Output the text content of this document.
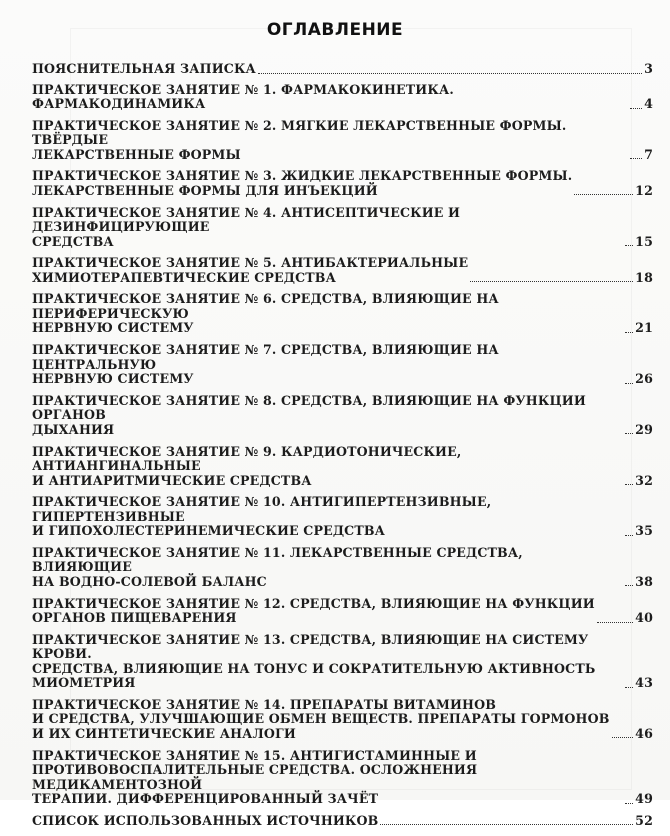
ОГЛАВЛЕНИЕ
ПОЯСНИТЕЛЬНАЯ ЗАПИСКА	3
ПРАКТИЧЕСКОЕ ЗАНЯТИЕ № 1. ФАРМАКОКИНЕТИКА. ФАРМАКОДИНАМИКА	4
ПРАКТИЧЕСКОЕ ЗАНЯТИЕ № 2. МЯГКИЕ ЛЕКАРСТВЕННЫЕ ФОРМЫ. ТВЁРДЫЕ
ЛЕКАРСТВЕННЫЕ ФОРМЫ	7
ПРАКТИЧЕСКОЕ ЗАНЯТИЕ № 3. ЖИДКИЕ ЛЕКАРСТВЕННЫЕ ФОРМЫ.
ЛЕКАРСТВЕННЫЕ ФОРМЫ ДЛЯ ИНЪЕКЦИЙ	12
ПРАКТИЧЕСКОЕ ЗАНЯТИЕ № 4. АНТИСЕПТИЧЕСКИЕ И ДЕЗИНФИЦИРУЮЩИЕ
СРЕДСТВА	15
ПРАКТИЧЕСКОЕ ЗАНЯТИЕ № 5. АНТИБАКТЕРИАЛЬНЫЕ
ХИМИОТЕРАПЕВТИЧЕСКИЕ СРЕДСТВА	18
ПРАКТИЧЕСКОЕ ЗАНЯТИЕ № 6. СРЕДСТВА, ВЛИЯЮЩИЕ НА ПЕРИФЕРИЧЕСКУЮ
НЕРВНУЮ СИСТЕМУ	21
ПРАКТИЧЕСКОЕ ЗАНЯТИЕ № 7. СРЕДСТВА, ВЛИЯЮЩИЕ НА ЦЕНТРАЛЬНУЮ
НЕРВНУЮ СИСТЕМУ	26
ПРАКТИЧЕСКОЕ ЗАНЯТИЕ № 8. СРЕДСТВА, ВЛИЯЮЩИЕ НА ФУНКЦИИ ОРГАНОВ
ДЫХАНИЯ	29
ПРАКТИЧЕСКОЕ ЗАНЯТИЕ № 9. КАРДИОТОНИЧЕСКИЕ, АНТИАНГИНАЛЬНЫЕ
И АНТИАРИТМИЧЕСКИЕ СРЕДСТВА	32
ПРАКТИЧЕСКОЕ ЗАНЯТИЕ № 10. АНТИГИПЕРТЕНЗИВНЫЕ, ГИПЕРТЕНЗИВНЫЕ
И ГИПОХОЛЕСТЕРИНЕМИЧЕСКИЕ СРЕДСТВА	35
ПРАКТИЧЕСКОЕ ЗАНЯТИЕ № 11. ЛЕКАРСТВЕННЫЕ СРЕДСТВА, ВЛИЯЮЩИЕ
НА ВОДНО-СОЛЕВОЙ БАЛАНС	38
ПРАКТИЧЕСКОЕ ЗАНЯТИЕ № 12. СРЕДСТВА, ВЛИЯЮЩИЕ НА ФУНКЦИИ
ОРГАНОВ ПИЩЕВАРЕНИЯ	40
ПРАКТИЧЕСКОЕ ЗАНЯТИЕ № 13. СРЕДСТВА, ВЛИЯЮЩИЕ НА СИСТЕМУ КРОВИ.
СРЕДСТВА, ВЛИЯЮЩИЕ НА ТОНУС И СОКРАТИТЕЛЬНУЮ АКТИВНОСТЬ
МИОМЕТРИЯ	43
ПРАКТИЧЕСКОЕ ЗАНЯТИЕ № 14. ПРЕПАРАТЫ ВИТАМИНОВ
И СРЕДСТВА, УЛУЧШАЮЩИЕ ОБМЕН ВЕЩЕСТВ. ПРЕПАРАТЫ ГОРМОНОВ
И ИХ СИНТЕТИЧЕСКИЕ АНАЛОГИ	46
ПРАКТИЧЕСКОЕ ЗАНЯТИЕ № 15. АНТИГИСТАМИННЫЕ И
ПРОТИВОВОСПАЛИТЕЛЬНЫЕ СРЕДСТВА. ОСЛОЖНЕНИЯ МЕДИКАМЕНТОЗНОЙ
ТЕРАПИИ. ДИФФЕРЕНЦИРОВАННЫЙ ЗАЧЁТ	49
СПИСОК ИСПОЛЬЗОВАННЫХ ИСТОЧНИКОВ	52
